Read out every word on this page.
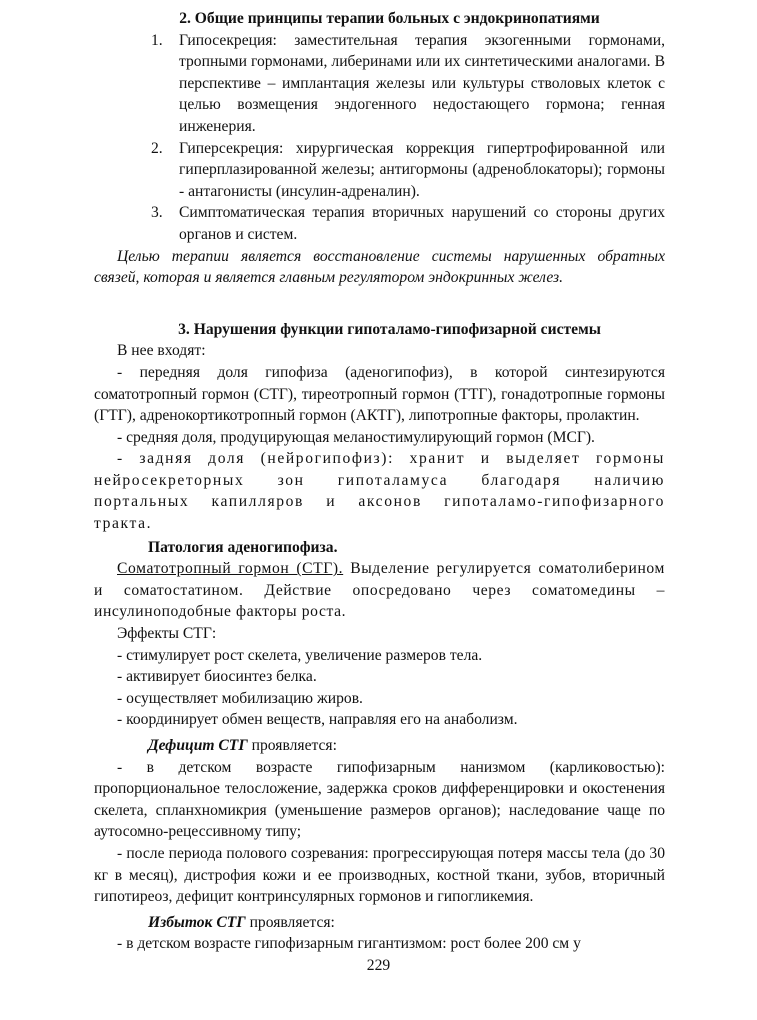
2. Общие принципы терапии больных с эндокринопатиями

1. Гипосекреция: заместительная терапия экзогенными гормонами, тропными гормонами, либеринами или их синтетическими аналогами. В перспективе – имплантация железы или культуры стволовых клеток с целью возмещения эндогенного недостающего гормона; генная инженерия.
2. Гиперсекреция: хирургическая коррекция гипертрофированной или гиперплазированной железы; антигормоны (адреноблокаторы); гормоны - антагонисты (инсулин-адреналин).
3. Симптоматическая терапия вторичных нарушений со стороны других органов и систем.

Целью терапии является восстановление системы нарушенных обратных связей, которая и является главным регулятором эндокринных желез.

3. Нарушения функции гипоталамо-гипофизарной системы

В нее входят:

- передняя доля гипофиза (аденогипофиз), в которой синтезируются соматотропный гормон (СТГ), тиреотропный гормон (ТТГ), гонадотропные гормоны (ГТГ), адренокортикотропный гормон (АКТГ), липотропные факторы, пролактин.

- средняя доля, продуцирующая меланостимулирующий гормон (МСГ).

- задняя доля (нейрогипофиз): хранит и выделяет гормоны нейросекреторных зон гипоталамуса благодаря наличию портальных капилляров и аксонов гипоталамо-гипофизарного тракта.

Патология аденогипофиза.

Соматотропный гормон (СТГ). Выделение регулируется соматолиберином и соматостатином. Действие опосредовано через соматомедины – инсулиноподобные факторы роста.

Эффекты СТГ:

- стимулирует рост скелета, увеличение размеров тела.

- активирует биосинтез белка.

- осуществляет мобилизацию жиров.

- координирует обмен веществ, направляя его на анаболизм.

Дефицит СТГ проявляется:

- в детском возрасте гипофизарным нанизмом (карликовостью): пропорциональное телосложение, задержка сроков дифференцировки и окостенения скелета, спланхномикрия (уменьшение размеров органов); наследование чаще по аутосомно-рецессивному типу;

- после периода полового созревания: прогрессирующая потеря массы тела (до 30 кг в месяц), дистрофия кожи и ее производных, костной ткани, зубов, вторичный гипотиреоз, дефицит контринсулярных гормонов и гипогликемия.

Избыток СТГ проявляется:

- в детском возрасте гипофизарным гигантизмом: рост более 200 см у

229
